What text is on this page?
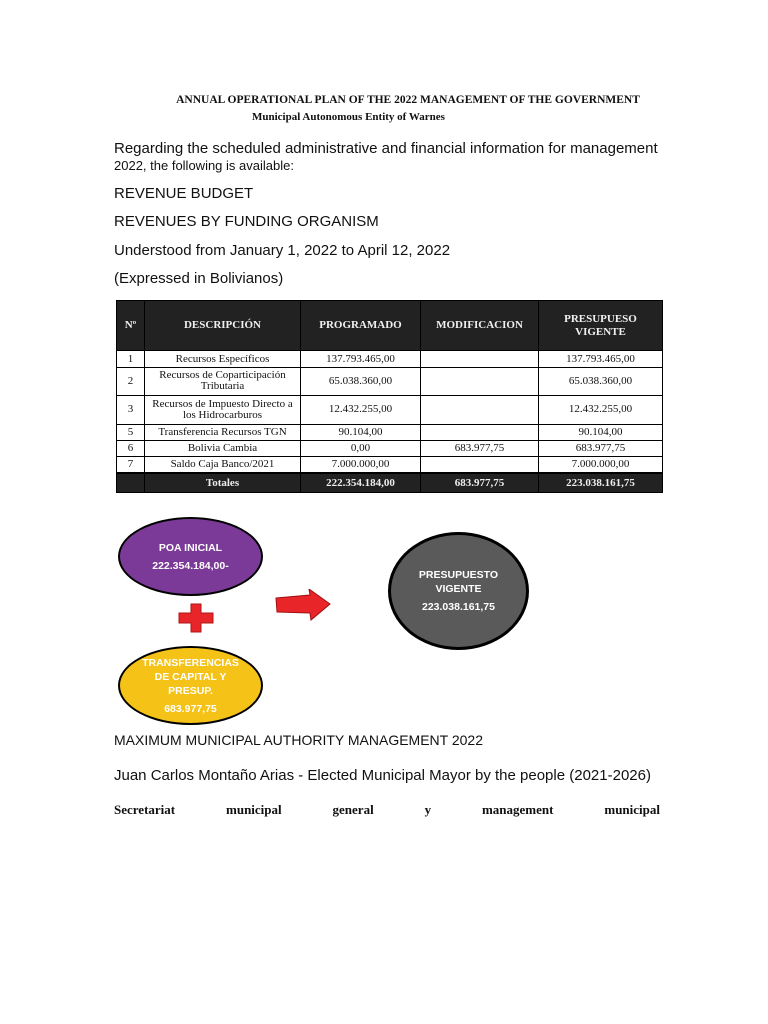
ANNUAL OPERATIONAL PLAN OF THE 2022 MANAGEMENT OF THE GOVERNMENT
Municipal Autonomous Entity of Warnes
Regarding the scheduled administrative and financial information for management
2022, the following is available:
REVENUE BUDGET
REVENUES BY FUNDING ORGANISM
Understood from January 1, 2022 to April 12, 2022
(Expressed in Bolivianos)
Nº	DESCRIPCIÓN	PROGRAMADO	MODIFICACION	PRESUPUESO VIGENTE
1	Recursos Específicos	137.793.465,00		137.793.465,00
2	Recursos de Coparticipación Tributaria	65.038.360,00		65.038.360,00
3	Recursos de Impuesto Directo a los Hidrocarburos	12.432.255,00		12.432.255,00
5	Transferencia Recursos TGN	90.104,00		90.104,00
6	Bolivia Cambia	0,00	683.977,75	683.977,75
7	Saldo Caja Banco/2021	7.000.000,00		7.000.000,00
	Totales	222.354.184,00	683.977,75	223.038.161,75
POA INICIAL
222.354.184,00-
TRANSFERENCIAS
DE CAPITAL Y
PRESUP.
683.977,75
PRESUPUESTO
VIGENTE
223.038.161,75
MAXIMUM MUNICIPAL AUTHORITY MANAGEMENT 2022
Juan Carlos Montaño Arias - Elected Municipal Mayor by the people (2021-2026)
Secretariat	municipal	general	y	management	municipal
